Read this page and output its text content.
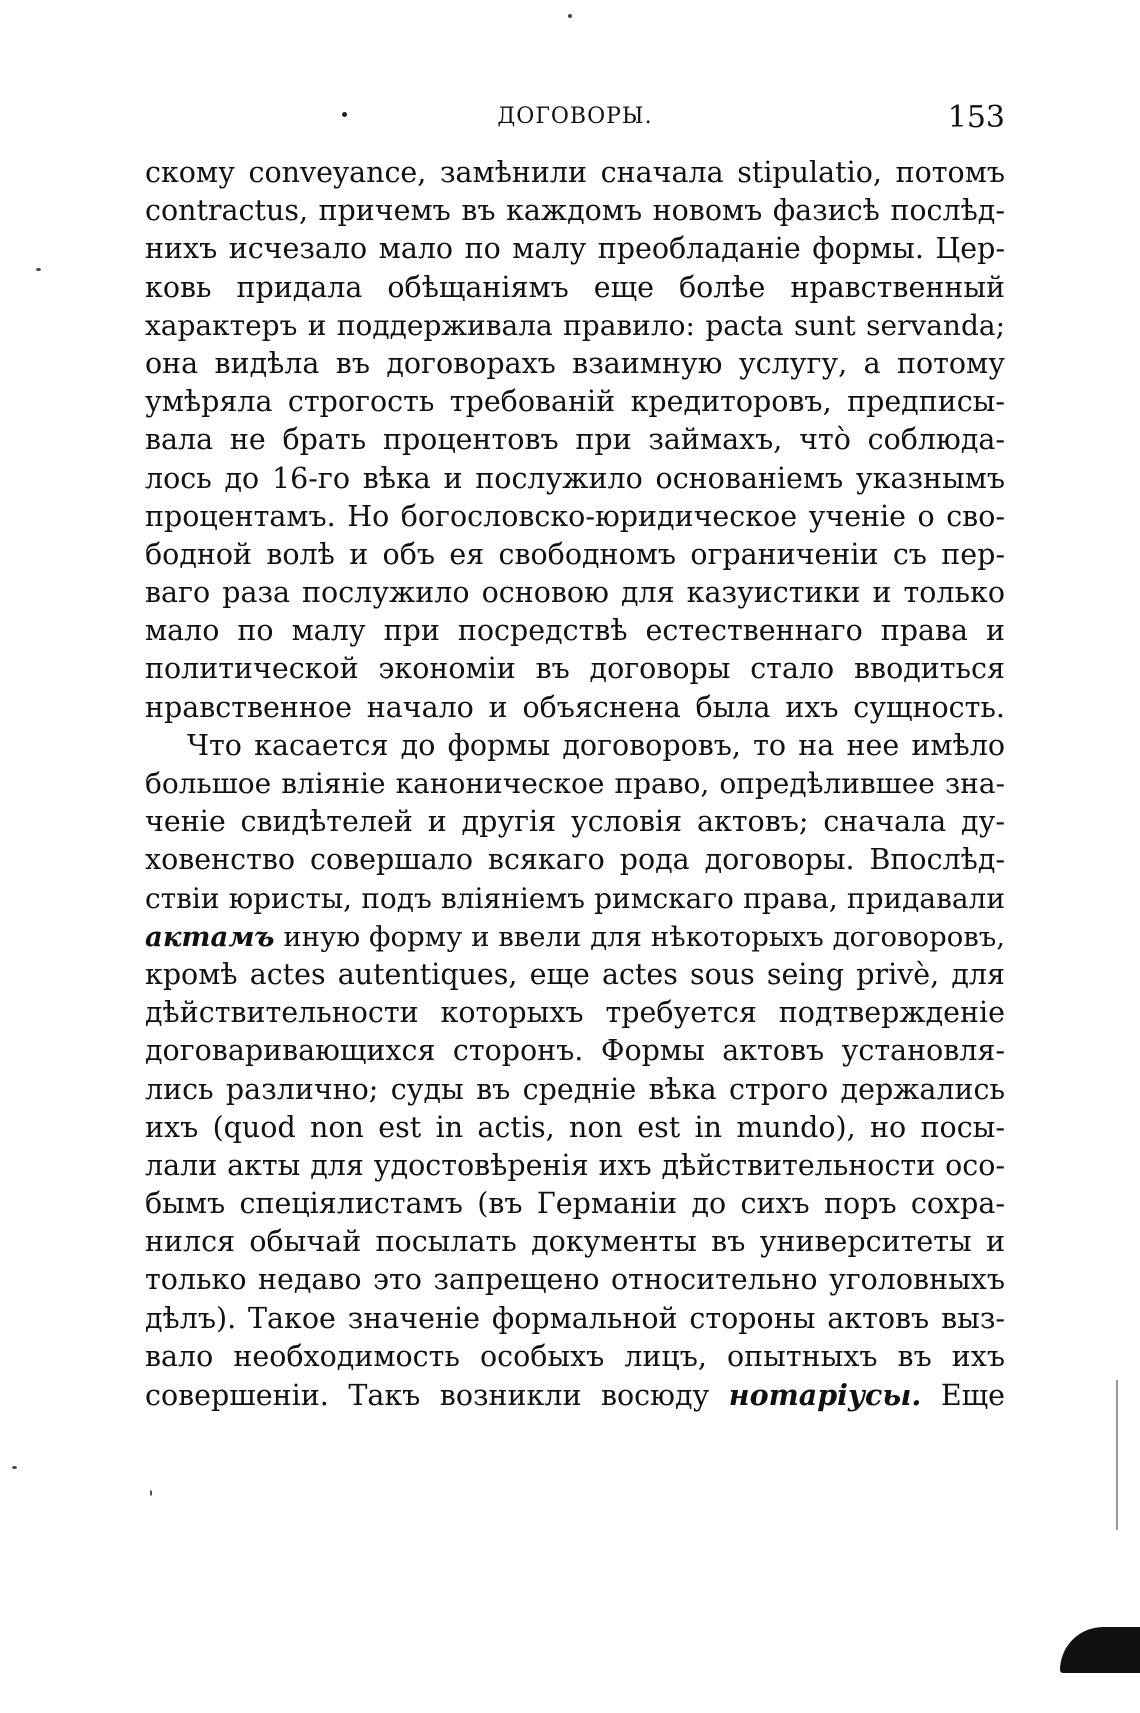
ДОГОВОРЫ.	153
скому conveyance, замѣнили сначала stipulatio, потомъ
contractus, причемъ въ каждомъ новомъ фазисѣ послѣд-
нихъ исчезало мало по малу преобладаніе формы. Цер-
ковь придала обѣщаніямъ еще болѣе нравственный
характеръ и поддерживала правило: pacta sunt servanda;
она видѣла въ договорахъ взаимную услугу, а потому
умѣряла строгость требованій кредиторовъ, предписы-
вала не брать процентовъ при займахъ, что̀ соблюда-
лось до 16-го вѣка и послужило основаніемъ указнымъ
процентамъ. Но богословско-юридическое ученіе о сво-
бодной волѣ и объ ея свободномъ ограниченіи съ пер-
ваго раза послужило основою для казуистики и только
мало по малу при посредствѣ естественнаго права и
политической экономіи въ договоры стало вводиться
нравственное начало и объяснена была ихъ сущность.
Что касается до формы договоровъ, то на нее имѣло
большое вліяніе каноническое право, опредѣлившее зна-
ченіе свидѣтелей и другія условія актовъ; сначала ду-
ховенство совершало всякаго рода договоры. Впослѣд-
ствіи юристы, подъ вліяніемъ римскаго права, придавали
актамъ иную форму и ввели для нѣкоторыхъ договоровъ,
кромѣ actes autentiques, еще actes sous seing privè, для
дѣйствительности которыхъ требуется подтвержденіе
договаривающихся сторонъ. Формы актовъ установля-
лись различно; суды въ средніе вѣка строго держались
ихъ (quod non est in actis, non est in mundo), но посы-
лали акты для удостовѣренія ихъ дѣйствительности осо-
бымъ спеціялистамъ (въ Германіи до сихъ поръ сохра-
нился обычай посылать документы въ университеты и
только недаво это запрещено относительно уголовныхъ
дѣлъ). Такое значеніе формальной стороны актовъ выз-
вало необходимость особыхъ лицъ, опытныхъ въ ихъ
совершеніи. Такъ возникли восюду нотаріусы. Еще
